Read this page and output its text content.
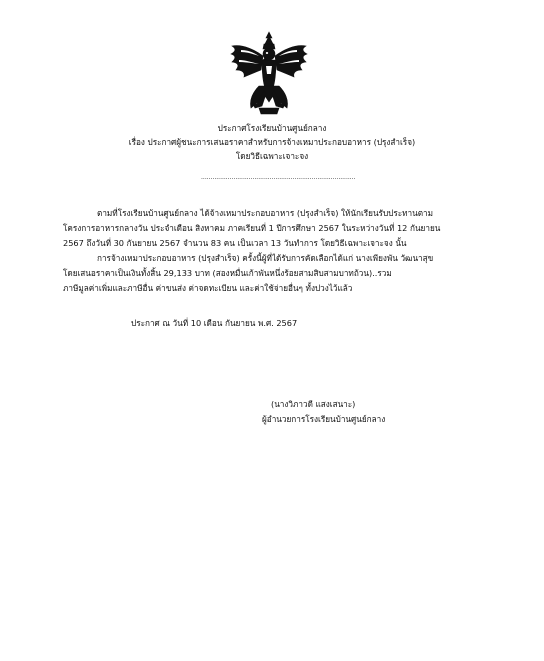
ประกาศโรงเรียนบ้านศูนย์กลาง
เรื่อง ประกาศผู้ชนะการเสนอราคาสำหรับการจ้างเหมาประกอบอาหาร (ปรุงสำเร็จ)
โดยวิธีเฉพาะเจาะจง
.................................................................................
ตามที่โรงเรียนบ้านศูนย์กลาง ได้จ้างเหมาประกอบอาหาร (ปรุงสำเร็จ) ให้นักเรียนรับประทานตาม
โครงการอาหารกลางวัน ประจำเดือน สิงหาคม ภาคเรียนที่ 1 ปีการศึกษา 2567 ในระหว่างวันที่ 12 กันยายน
2567 ถึงวันที่ 30 กันยายน 2567 จำนวน 83 คน เป็นเวลา 13 วันทำการ โดยวิธีเฉพาะเจาะจง นั้น
การจ้างเหมาประกอบอาหาร (ปรุงสำเร็จ) ครั้งนี้ผู้ที่ได้รับการคัดเลือกได้แก่ นางเพียงพัน วัฒนาสุข
โดยเสนอราคาเป็นเงินทั้งสิ้น 29,133 บาท (สองหมื่นเก้าพันหนึ่งร้อยสามสิบสามบาทถ้วน)..รวม
ภาษีมูลค่าเพิ่มและภาษีอื่น ค่าขนส่ง ค่าจดทะเบียน และค่าใช้จ่ายอื่นๆ ทั้งปวงไว้แล้ว
ประกาศ ณ วันที่ 10 เดือน กันยายน พ.ศ. 2567
(นางวิภาวดี แสงเสนาะ)
ผู้อำนวยการโรงเรียนบ้านศูนย์กลาง
